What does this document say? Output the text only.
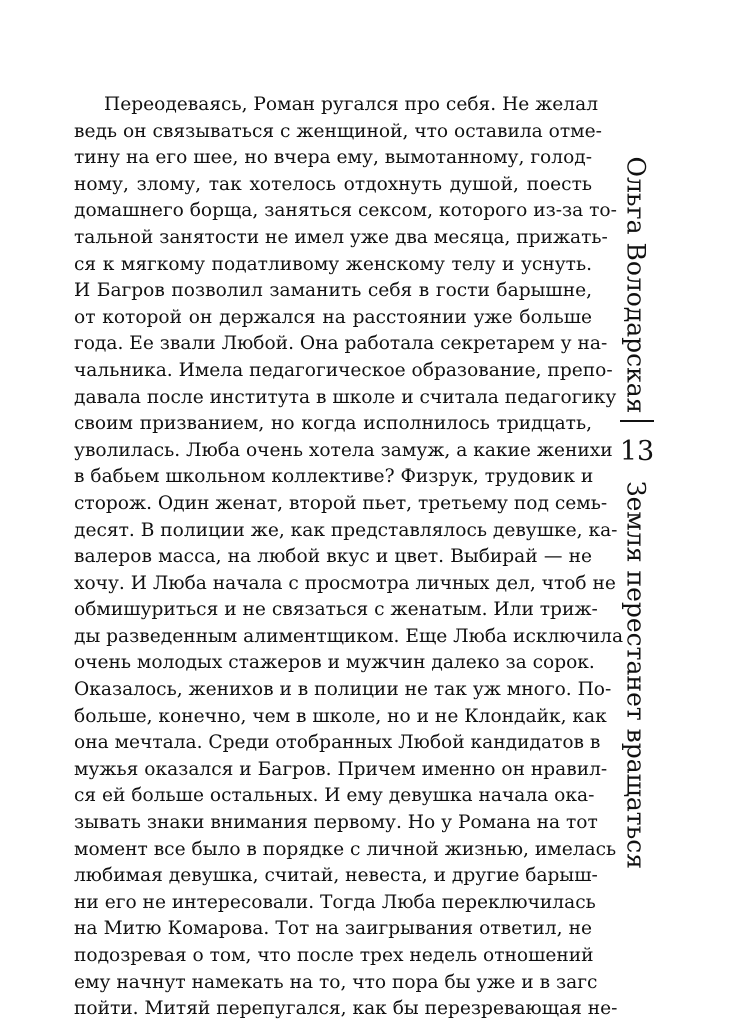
Переодеваясь, Роман ругался про себя. Не желал
ведь он связываться с женщиной, что оставила отме-
тину на его шее, но вчера ему, вымотанному, голод-
ному, злому, так хотелось отдохнуть душой, поесть
домашнего борща, заняться сексом, которого из-за то-
тальной занятости не имел уже два месяца, прижать-
ся к мягкому податливому женскому телу и уснуть.
И Багров позволил заманить себя в гости барышне,
от которой он держался на расстоянии уже больше
года. Ее звали Любой. Она работала секретарем у на-
чальника. Имела педагогическое образование, препо-
давала после института в школе и считала педагогику
своим призванием, но когда исполнилось тридцать,
уволилась. Люба очень хотела замуж, а какие женихи
в бабьем школьном коллективе? Физрук, трудовик и
сторож. Один женат, второй пьет, третьему под семь-
десят. В полиции же, как представлялось девушке, ка-
валеров масса, на любой вкус и цвет. Выбирай — не
хочу. И Люба начала с просмотра личных дел, чтоб не
обмишуриться и не связаться с женатым. Или триж-
ды разведенным алиментщиком. Еще Люба исключила
очень молодых стажеров и мужчин далеко за сорок.
Оказалось, женихов и в полиции не так уж много. По-
больше, конечно, чем в школе, но и не Клондайк, как
она мечтала. Среди отобранных Любой кандидатов в
мужья оказался и Багров. Причем именно он нравил-
ся ей больше остальных. И ему девушка начала ока-
зывать знаки внимания первому. Но у Романа на тот
момент все было в порядке с личной жизнью, имелась
любимая девушка, считай, невеста, и другие барыш-
ни его не интересовали. Тогда Люба переключилась
на Митю Комарова. Тот на заигрывания ответил, не
подозревая о том, что после трех недель отношений
ему начнут намекать на то, что пора бы уже и в загс
пойти. Митяй перепугался, как бы перезревающая не-
Ольга Володарская
13
Земля перестанет вращаться
